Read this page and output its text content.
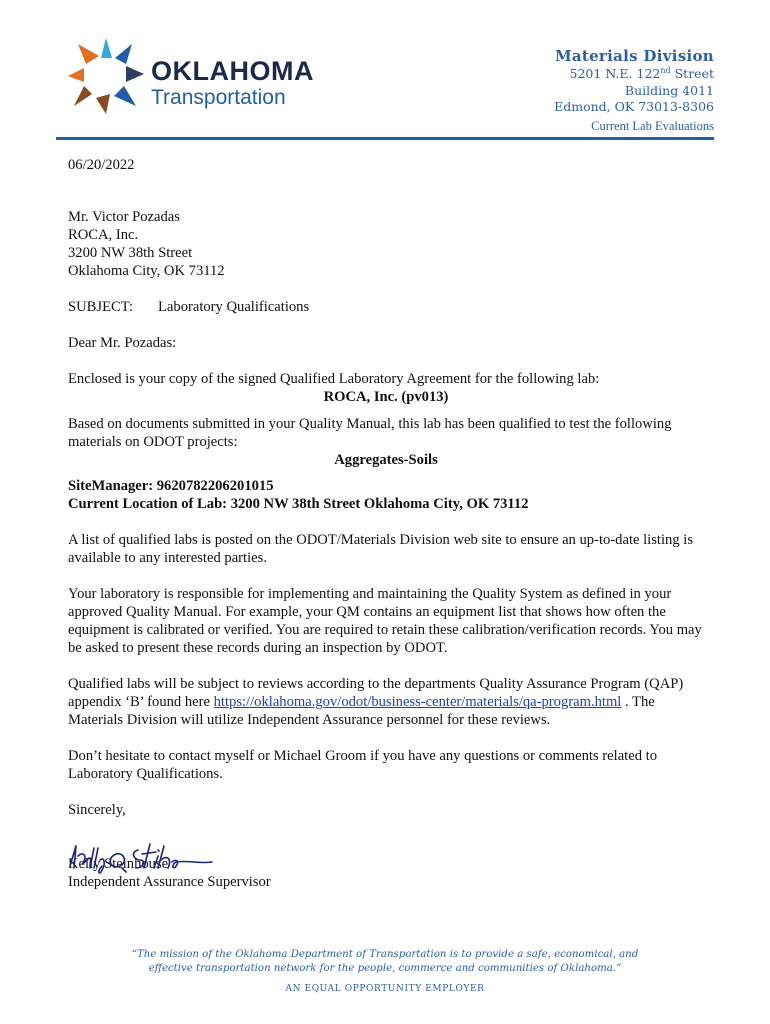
OKLAHOMA
Transportation
Materials Division
5201 N.E. 122nd Street
Building 4011
Edmond, OK 73013-8306
Current Lab Evaluations

06/20/2022

Mr. Victor Pozadas

ROCA, Inc.

3200 NW 38th Street

Oklahoma City, OK 73112

SUBJECT: Laboratory Qualifications

Dear Mr. Pozadas:

Enclosed is your copy of the signed Qualified Laboratory Agreement for the following lab:

ROCA, Inc. (pv013)

Based on documents submitted in your Quality Manual, this lab has been qualified to test the following materials on ODOT projects:

Aggregates-Soils

SiteManager: 9620782206201015

Current Location of Lab: 3200 NW 38th Street Oklahoma City, OK 73112

A list of qualified labs is posted on the ODOT/Materials Division web site to ensure an up-to-date listing is available to any interested parties.

Your laboratory is responsible for implementing and maintaining the Quality System as defined in your approved Quality Manual. For example, your QM contains an equipment list that shows how often the equipment is calibrated or verified. You are required to retain these calibration/verification records. You may be asked to present these records during an inspection by ODOT.

Qualified labs will be subject to reviews according to the departments Quality Assurance Program (QAP) appendix ‘B’ found here https://oklahoma.gov/odot/business-center/materials/qa-program.html . The Materials Division will utilize Independent Assurance personnel for these reviews.

Don’t hesitate to contact myself or Michael Groom if you have any questions or comments related to Laboratory Qualifications.

Sincerely,

Kelly Steinhouse

Independent Assurance Supervisor

“The mission of the Oklahoma Department of Transportation is to provide a safe, economical, and
effective transportation network for the people, commerce and communities of Oklahoma.”
AN EQUAL OPPORTUNITY EMPLOYER
